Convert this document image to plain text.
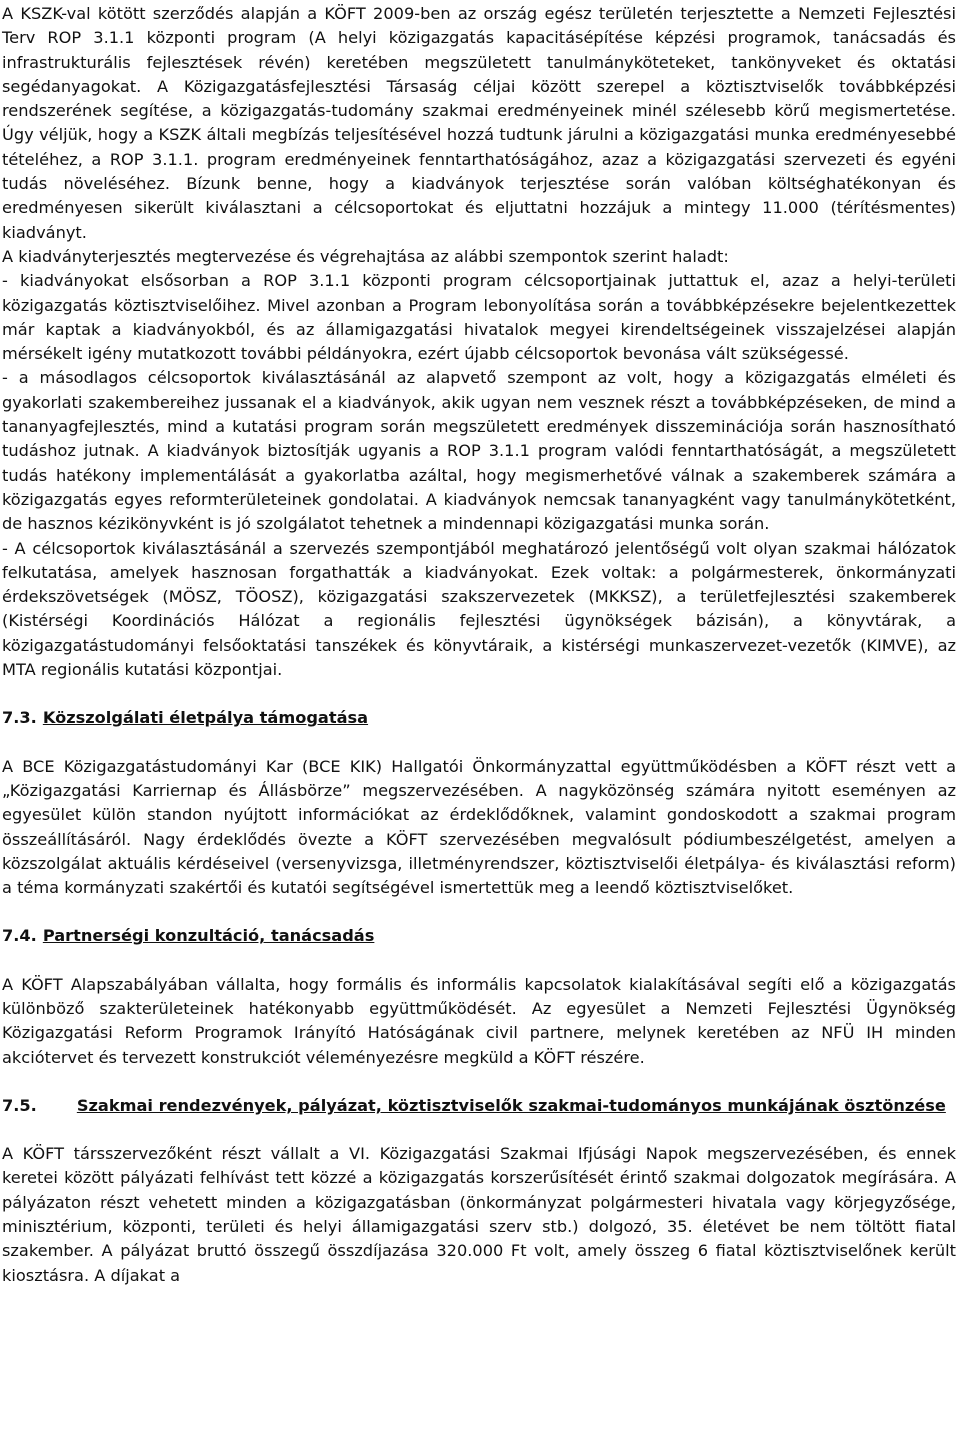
A KSZK-val kötött szerződés alapján a KÖFT 2009-ben az ország egész területén terjesztette a Nemzeti Fejlesztési Terv ROP 3.1.1 központi program (A helyi közigazgatás kapacitásépítése képzési programok, tanácsadás és infrastrukturális fejlesztések révén) keretében megszületett tanulmányköteteket, tankönyveket és oktatási segédanyagokat. A Közigazgatásfejlesztési Társaság céljai között szerepel a köztisztviselők továbbképzési rendszerének segítése, a közigazgatás-tudomány szakmai eredményeinek minél szélesebb körű megismertetése. Úgy véljük, hogy a KSZK általi megbízás teljesítésével hozzá tudtunk járulni a közigazgatási munka eredményesebbé tételéhez, a ROP 3.1.1. program eredményeinek fenntarthatóságához, azaz a közigazgatási szervezeti és egyéni tudás növeléséhez. Bízunk benne, hogy a kiadványok terjesztése során valóban költséghatékonyan és eredményesen sikerült kiválasztani a célcsoportokat és eljuttatni hozzájuk a mintegy 11.000 (térítésmentes) kiadványt.

A kiadványterjesztés megtervezése és végrehajtása az alábbi szempontok szerint haladt:

- kiadványokat elsősorban a ROP 3.1.1 központi program célcsoportjainak juttattuk el, azaz a helyi-területi közigazgatás köztisztviselőihez. Mivel azonban a Program lebonyolítása során a továbbképzésekre bejelentkezettek már kaptak a kiadványokból, és az államigazgatási hivatalok megyei kirendeltségeinek visszajelzései alapján mérsékelt igény mutatkozott további példányokra, ezért újabb célcsoportok bevonása vált szükségessé.

- a másodlagos célcsoportok kiválasztásánál az alapvető szempont az volt, hogy a közigazgatás elméleti és gyakorlati szakembereihez jussanak el a kiadványok, akik ugyan nem vesznek részt a továbbképzéseken, de mind a tananyagfejlesztés, mind a kutatási program során megszületett eredmények disszeminációja során hasznosítható tudáshoz jutnak. A kiadványok biztosítják ugyanis a ROP 3.1.1 program valódi fenntarthatóságát, a megszületett tudás hatékony implementálását a gyakorlatba azáltal, hogy megismerhetővé válnak a szakemberek számára a közigazgatás egyes reformterületeinek gondolatai. A kiadványok nemcsak tananyagként vagy tanulmánykötetként, de hasznos kézikönyvként is jó szolgálatot tehetnek a mindennapi közigazgatási munka során.

- A célcsoportok kiválasztásánál a szervezés szempontjából meghatározó jelentőségű volt olyan szakmai hálózatok felkutatása, amelyek hasznosan forgathatták a kiadványokat. Ezek voltak: a polgármesterek, önkormányzati érdekszövetségek (MÖSZ, TÖOSZ), közigazgatási szakszervezetek (MKKSZ), a területfejlesztési szakemberek (Kistérségi Koordinációs Hálózat a regionális fejlesztési ügynökségek bázisán), a könyvtárak, a közigazgatástudományi felsőoktatási tanszékek és könyvtáraik, a kistérségi munkaszervezet-vezetők (KIMVE), az MTA regionális kutatási központjai.

7.3. Közszolgálati életpálya támogatása

A BCE Közigazgatástudományi Kar (BCE KIK) Hallgatói Önkormányzattal együttműködésben a KÖFT részt vett a „Közigazgatási Karriernap és Állásbörze” megszervezésében. A nagyközönség számára nyitott eseményen az egyesület külön standon nyújtott információkat az érdeklődőknek, valamint gondoskodott a szakmai program összeállításáról. Nagy érdeklődés övezte a KÖFT szervezésében megvalósult pódiumbeszélgetést, amelyen a közszolgálat aktuális kérdéseivel (versenyvizsga, illetményrendszer, köztisztviselői életpálya- és kiválasztási reform) a téma kormányzati szakértői és kutatói segítségével ismertettük meg a leendő köztisztviselőket.

7.4. Partnerségi konzultáció, tanácsadás

A KÖFT Alapszabályában vállalta, hogy formális és informális kapcsolatok kialakításával segíti elő a közigazgatás különböző szakterületeinek hatékonyabb együttműködését. Az egyesület a Nemzeti Fejlesztési Ügynökség Közigazgatási Reform Programok Irányító Hatóságának civil partnere, melynek keretében az NFÜ IH minden akciótervet és tervezett konstrukciót véleményezésre megküld a KÖFT részére.

7.5. Szakmai rendezvények, pályázat, köztisztviselők szakmai-tudományos munkájának ösztönzése

A KÖFT társszervezőként részt vállalt a VI. Közigazgatási Szakmai Ifjúsági Napok megszervezésében, és ennek keretei között pályázati felhívást tett közzé a közigazgatás korszerűsítését érintő szakmai dolgozatok megírására. A pályázaton részt vehetett minden a közigazgatásban (önkormányzat polgármesteri hivatala vagy körjegyzősége, minisztérium, központi, területi és helyi államigazgatási szerv stb.) dolgozó, 35. életévet be nem töltött fiatal szakember. A pályázat bruttó összegű összdíjazása 320.000 Ft volt, amely összeg 6 fiatal köztisztviselőnek került kiosztásra. A díjakat a
